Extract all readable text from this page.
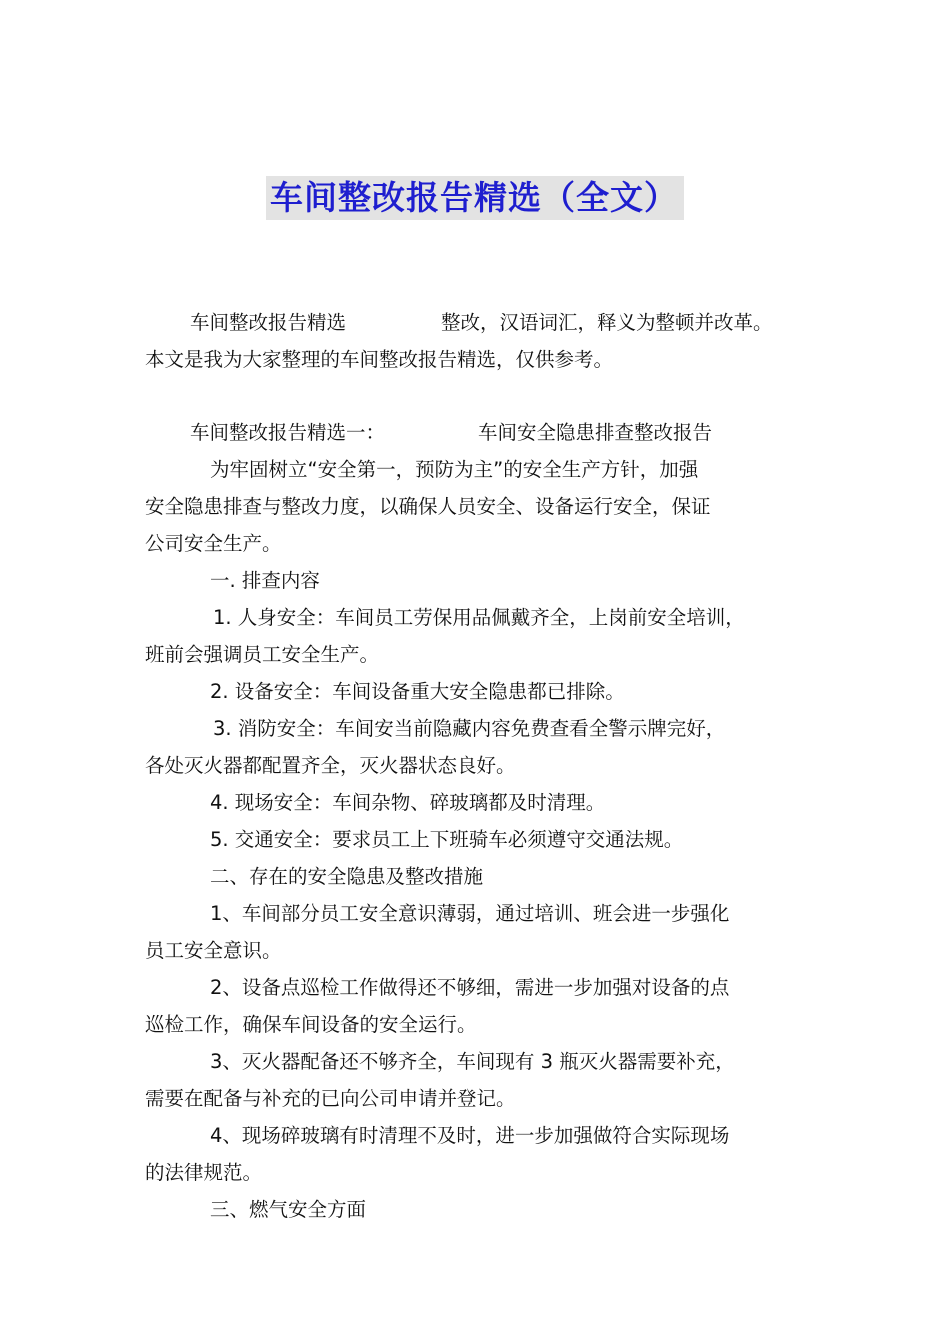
车间整改报告精选（全文）
车间整改报告精选	整改，汉语词汇，释义为整顿并改革。
本文是我为大家整理的车间整改报告精选，仅供参考。
车间整改报告精选一：	车间安全隐患排查整改报告
为牢固树立“安全第一，预防为主”的安全生产方针，加强
安全隐患排查与整改力度，以确保人员安全、设备运行安全，保证
公司安全生产。
一. 排查内容
1. 人身安全：车间员工劳保用品佩戴齐全，上岗前安全培训，
班前会强调员工安全生产。
2. 设备安全：车间设备重大安全隐患都已排除。
3. 消防安全：车间安当前隐藏内容免费查看全警示牌完好，
各处灭火器都配置齐全，灭火器状态良好。
4. 现场安全：车间杂物、碎玻璃都及时清理。
5. 交通安全：要求员工上下班骑车必须遵守交通法规。
二、存在的安全隐患及整改措施
1、车间部分员工安全意识薄弱，通过培训、班会进一步强化
员工安全意识。
2、设备点巡检工作做得还不够细，需进一步加强对设备的点
巡检工作，确保车间设备的安全运行。
3、灭火器配备还不够齐全，车间现有 3 瓶灭火器需要补充，
需要在配备与补充的已向公司申请并登记。
4、现场碎玻璃有时清理不及时，进一步加强做符合实际现场
的法律规范。
三、燃气安全方面
